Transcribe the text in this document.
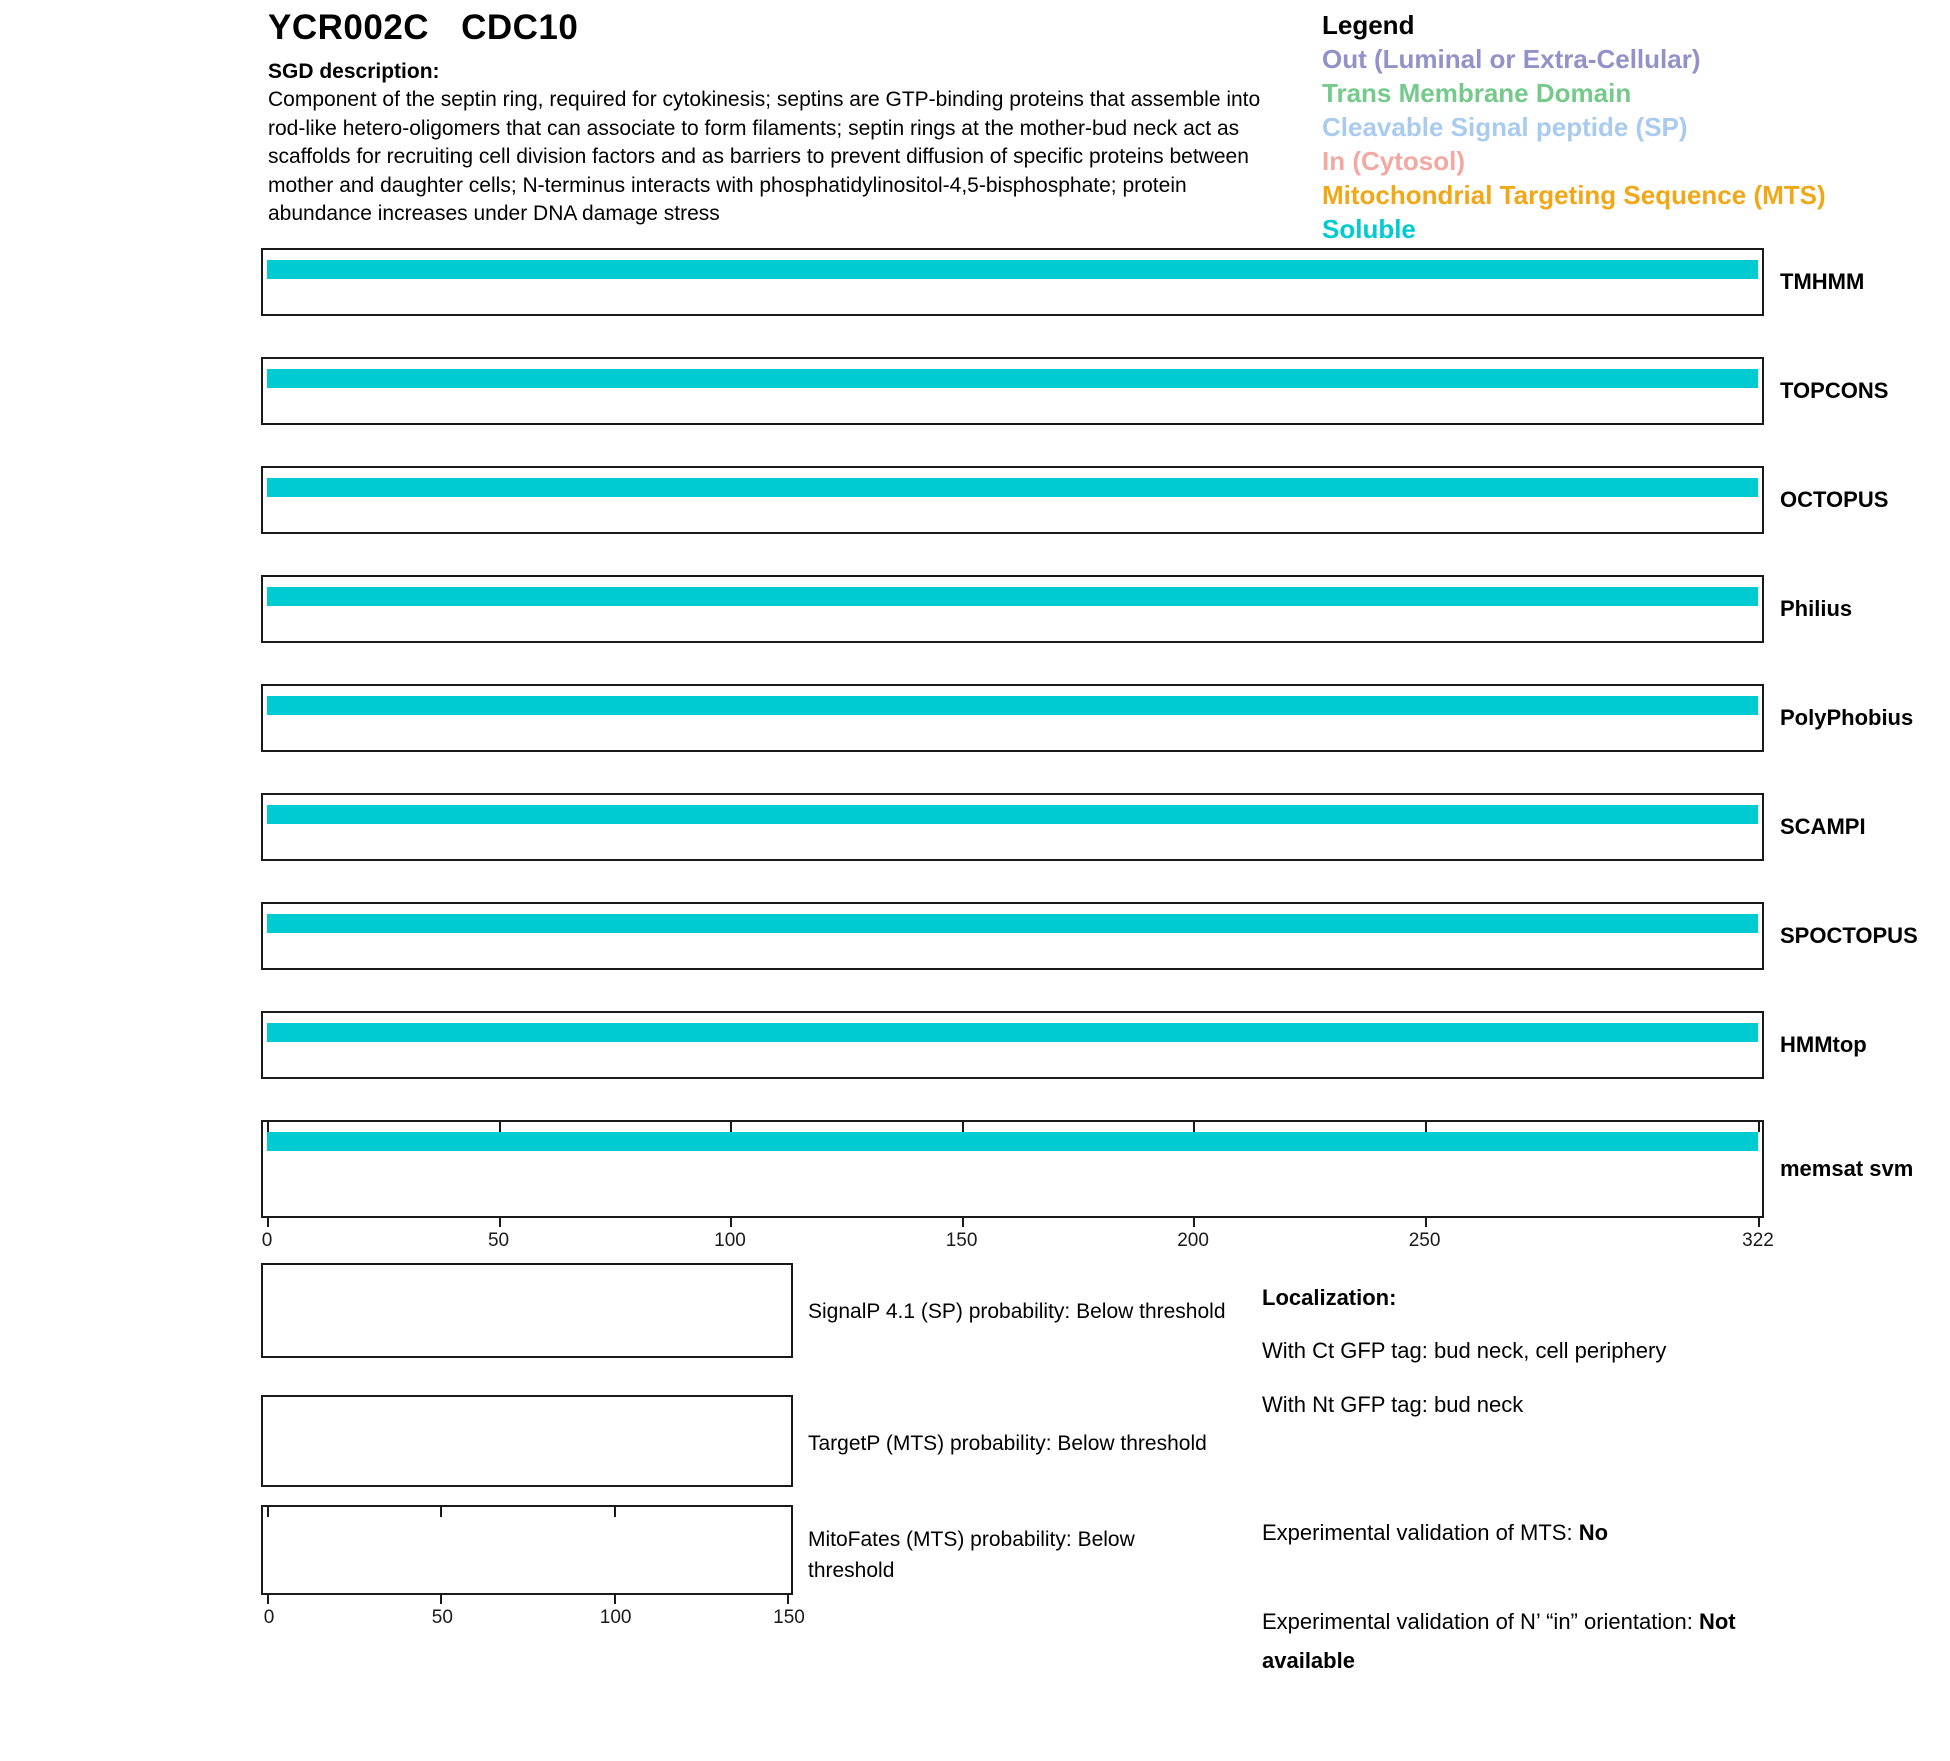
YCR002C CDC10
SGD description:
Component of the septin ring, required for cytokinesis; septins are GTP-binding proteins that assemble into rod-like hetero-oligomers that can associate to form filaments; septin rings at the mother-bud neck act as scaffolds for recruiting cell division factors and as barriers to prevent diffusion of specific proteins between mother and daughter cells; N-terminus interacts with phosphatidylinositol-4,5-bisphosphate; protein abundance increases under DNA damage stress
Legend
Out (Luminal or Extra-Cellular)
Trans Membrane Domain
Cleavable Signal peptide (SP)
In (Cytosol)
Mitochondrial Targeting Sequence (MTS)
Soluble
TMHMM
TOPCONS
OCTOPUS
Philius
PolyPhobius
SCAMPI
SPOCTOPUS
HMMtop
memsat svm
0	50	100	150	200	250	322
SignalP 4.1 (SP) probability: Below threshold
TargetP (MTS) probability: Below threshold
0	50	100	150
MitoFates (MTS) probability: Below threshold
Localization:
With Ct GFP tag: bud neck, cell periphery
With Nt GFP tag: bud neck
Experimental validation of MTS: No
Experimental validation of N’ “in” orientation: Not available
